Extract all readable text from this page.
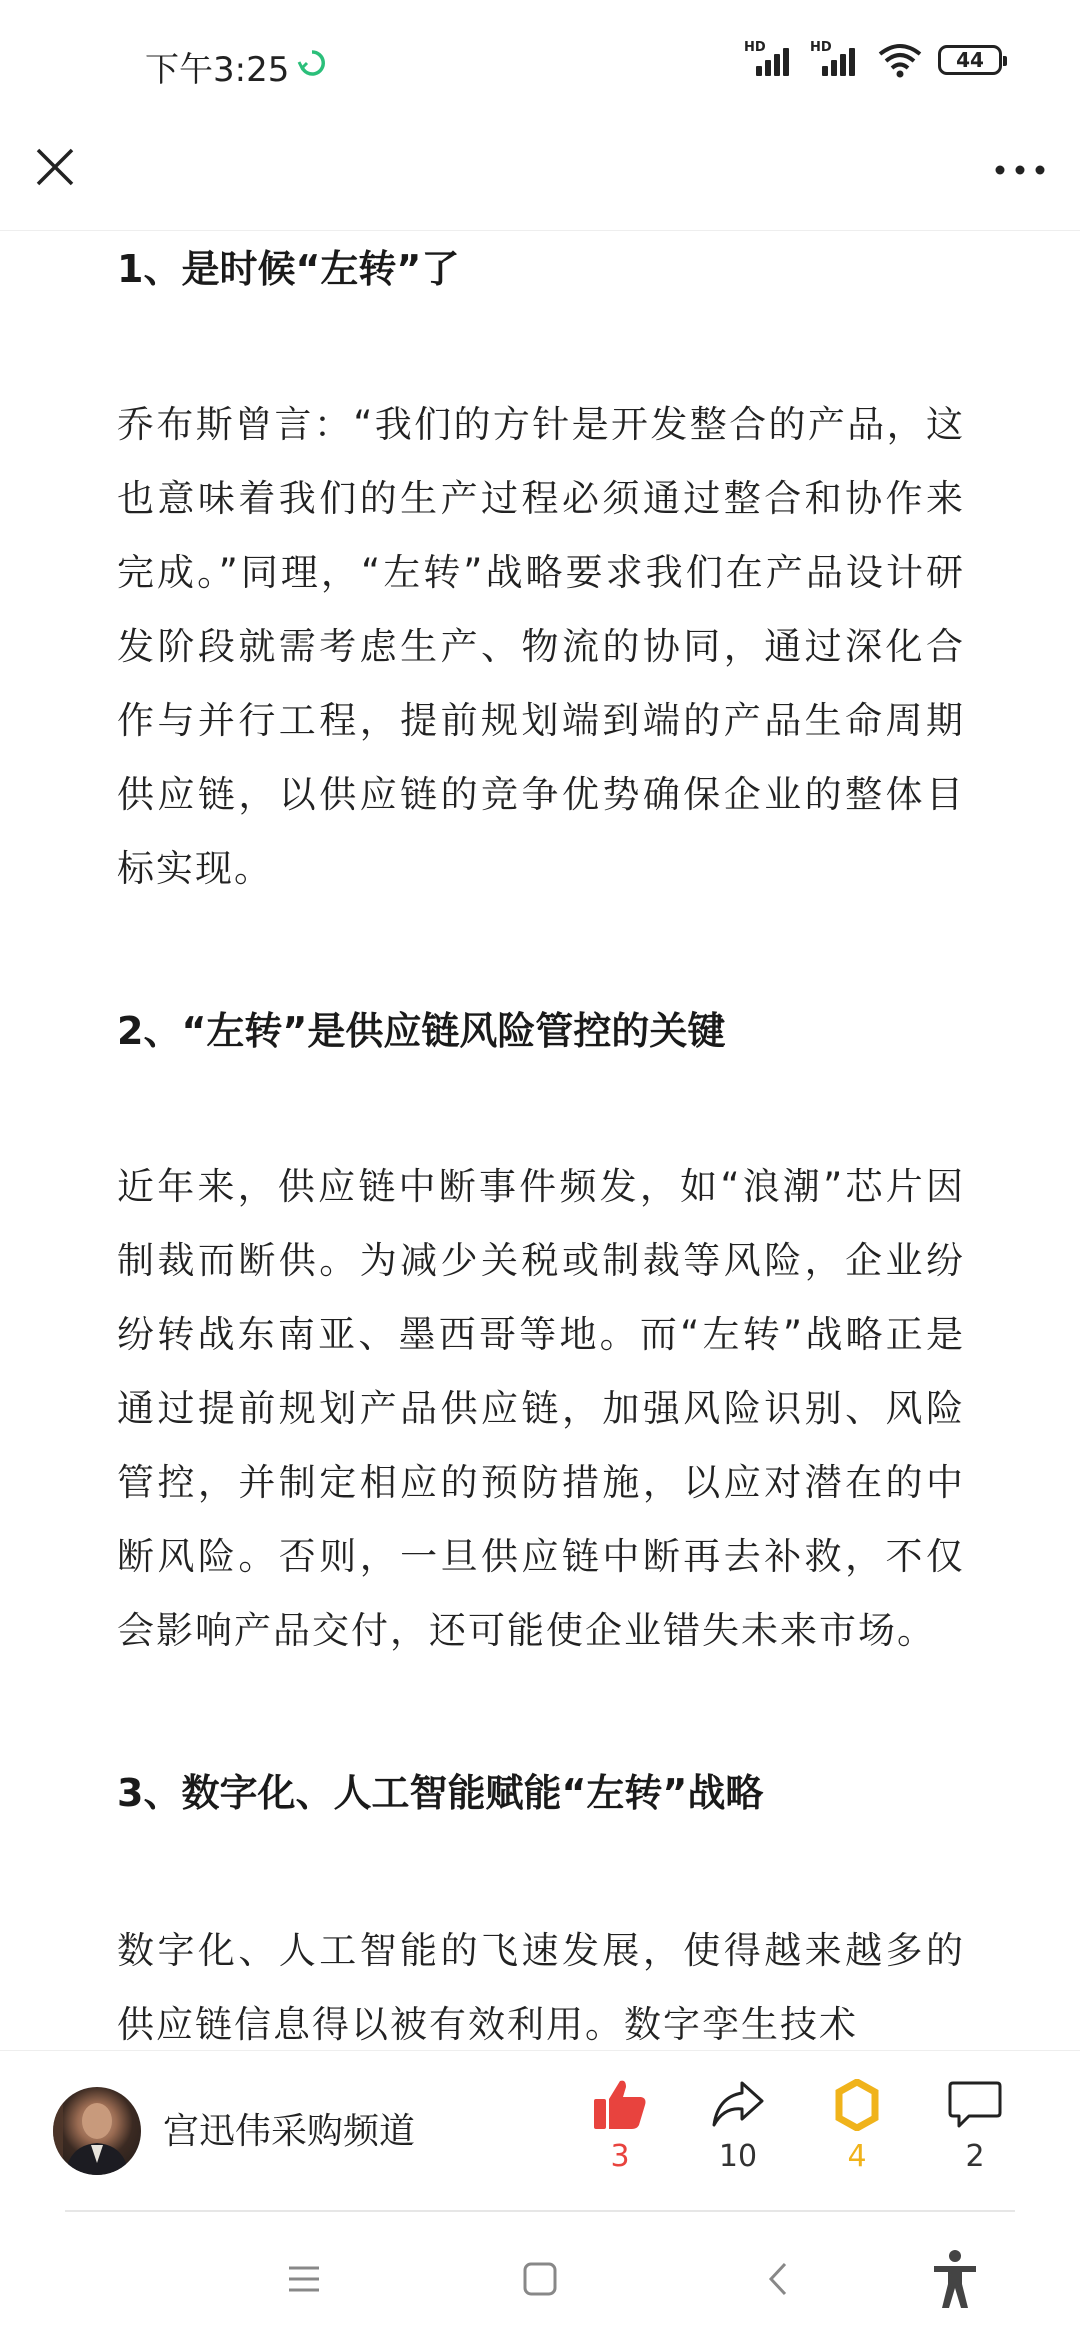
下午3:25
HD	HD
44

1、是时候“左转”了

乔布斯曾言：“我们的方针是开发整合的产品，这也意味着我们的生产过程必须通过整合和协作来完成。”同理，“左转”战略要求我们在产品设计研发阶段就需考虑生产、物流的协同，通过深化合作与并行工程，提前规划端到端的产品生命周期供应链，以供应链的竞争优势确保企业的整体目标实现。

2、“左转”是供应链风险管控的关键

近年来，供应链中断事件频发，如“浪潮”芯片因制裁而断供。为减少关税或制裁等风险，企业纷纷转战东南亚、墨西哥等地。而“左转”战略正是通过提前规划产品供应链，加强风险识别、风险管控，并制定相应的预防措施，以应对潜在的中断风险。否则，一旦供应链中断再去补救，不仅会影响产品交付，还可能使企业错失未来市场。

3、数字化、人工智能赋能“左转”战略

数字化、人工智能的飞速发展，使得越来越多的供应链信息得以被有效利用。数字孪生技术

宫迅伟采购频道
3	10	4	2
